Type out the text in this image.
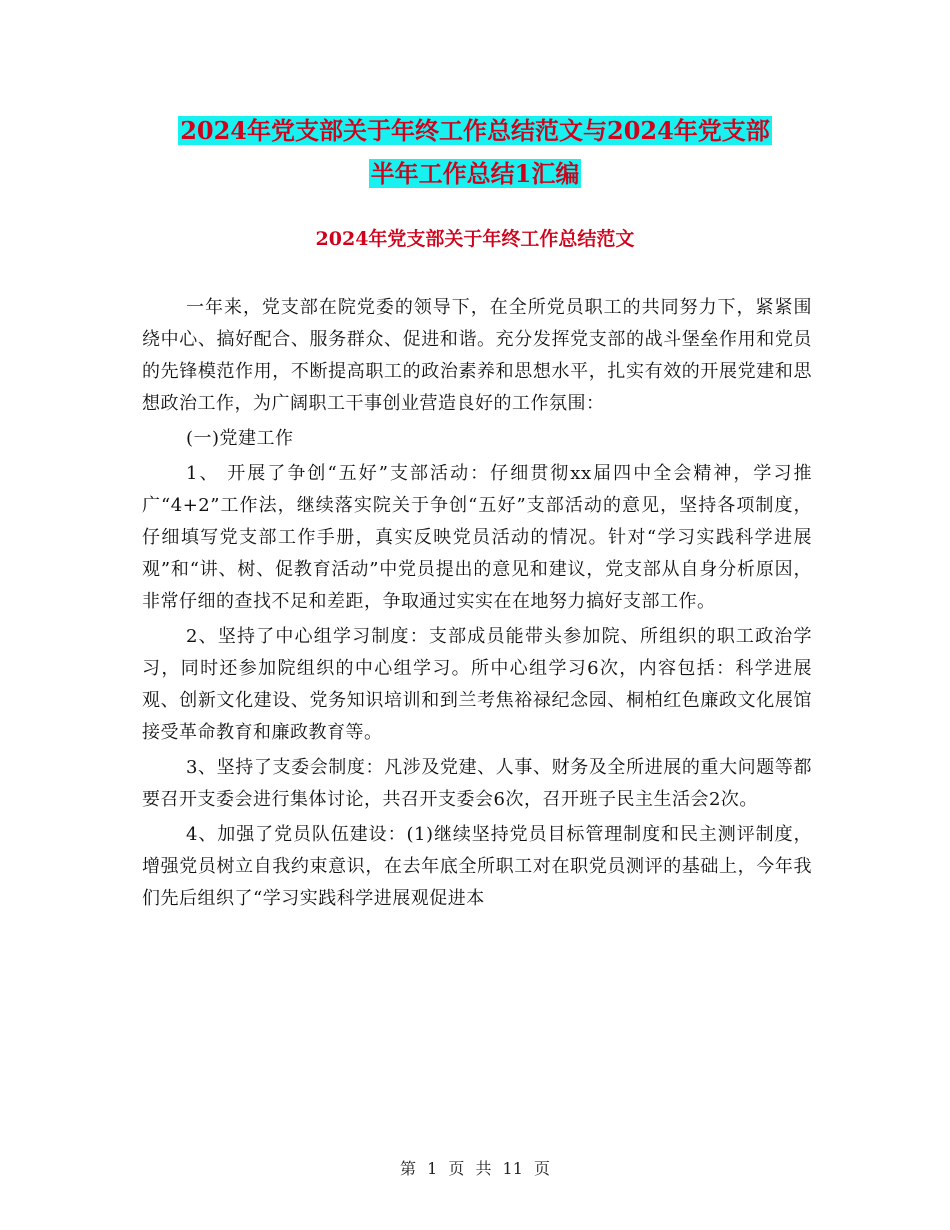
2024年党支部关于年终工作总结范文与2024年党支部
半年工作总结1汇编
2024年党支部关于年终工作总结范文

一年来，党支部在院党委的领导下，在全所党员职工的共同努力下，紧紧围绕中心、搞好配合、服务群众、促进和谐。充分发挥党支部的战斗堡垒作用和党员的先锋模范作用，不断提高职工的政治素养和思想水平，扎实有效的开展党建和思想政治工作，为广阔职工干事创业营造良好的工作氛围：

(一)党建工作

1、 开展了争创“五好”支部活动：仔细贯彻xx届四中全会精神，学习推广“4+2”工作法，继续落实院关于争创“五好”支部活动的意见，坚持各项制度，仔细填写党支部工作手册，真实反映党员活动的情况。针对“学习实践科学进展观”和“讲、树、促教育活动”中党员提出的意见和建议，党支部从自身分析原因，非常仔细的查找不足和差距，争取通过实实在在地努力搞好支部工作。

2、坚持了中心组学习制度：支部成员能带头参加院、所组织的职工政治学习，同时还参加院组织的中心组学习。所中心组学习6次，内容包括：科学进展观、创新文化建设、党务知识培训和到兰考焦裕禄纪念园、桐柏红色廉政文化展馆接受革命教育和廉政教育等。

3、坚持了支委会制度：凡涉及党建、人事、财务及全所进展的重大问题等都要召开支委会进行集体讨论，共召开支委会6次，召开班子民主生活会2次。

4、加强了党员队伍建设：(1)继续坚持党员目标管理制度和民主测评制度，增强党员树立自我约束意识，在去年底全所职工对在职党员测评的基础上，今年我们先后组织了“学习实践科学进展观促进本

第 1 页 共 11 页
